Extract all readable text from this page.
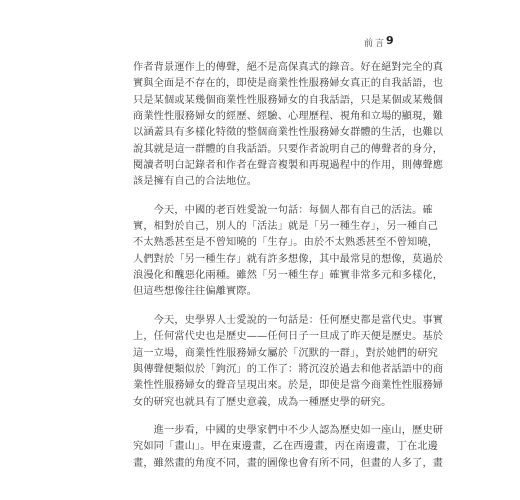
前言 9
作者背景運作上的傳聲，絕不是高保真式的錄音。好在絕對完全的真
實與全面是不存在的，即使是商業性性服務婦女真正的自我話語，也
只是某個或某幾個商業性性服務婦女的自我話語，只是某個或某幾個
商業性性服務婦女的經歷、經驗、心理歷程、視角和立場的顯現，難
以涵蓋具有多樣化特徵的整個商業性性服務婦女群體的生活，也難以
說其就是這一群體的自我話語。只要作者說明自己的傳聲者的身分，
閱讀者明白記錄者和作者在聲音複製和再現過程中的作用，則傳聲應
該是擁有自己的合法地位。
　　今天，中國的老百姓愛說一句話：每個人都有自己的活法。確
實，相對於自己，別人的「活法」就是「另一種生存」，另一種自己
不太熟悉甚至是不曾知曉的「生存」。由於不太熟悉甚至不曾知曉，
人們對於「另一種生存」就有許多想像，其中最常見的想像，莫過於
浪漫化和醜惡化兩種。雖然「另一種生存」確實非常多元和多樣化，
但這些想像往往偏離實際。
　　今天，史學界人士愛說的一句話是：任何歷史都是當代史。事實
上，任何當代史也是歷史——任何日子一旦成了昨天便是歷史。基於
這一立場，商業性性服務婦女屬於「沉默的一群」，對於她們的研究
與傳聲便類似於「鉤沉」的工作了：將沉沒於過去和他者話語中的商
業性性服務婦女的聲音呈現出來。於是，即使是當今商業性性服務婦
女的研究也就具有了歷史意義，成為一種歷史學的研究。
　　進一步看，中國的史學家們中不少人認為歷史如一座山，歷史研
究如同「畫山」。甲在東邊畫，乙在西邊畫，丙在南邊畫，丁在北邊
畫，雖然畫的角度不同，畫的圖像也會有所不同，但畫的人多了，畫
